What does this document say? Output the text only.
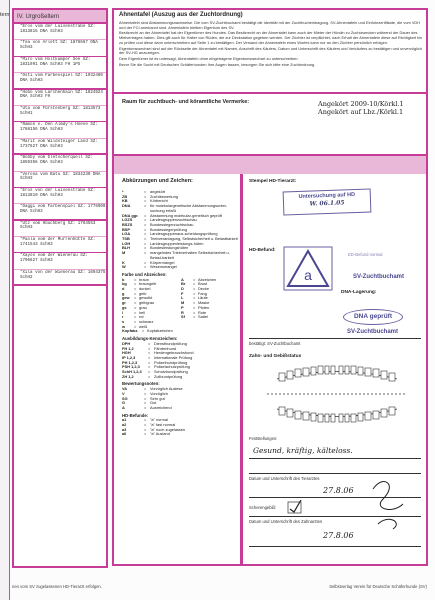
tern	IV. Urgroßeltern
*Eros vom der Luisenstraße SZ: 1813815 DNA SchH3
*Tea von Arlett SZ: 1876667 DNA SchH3
*Miro vom Holtkämper See SZ: 1831991 DNA SchH3 FH 1PS
*Osti vom Farbenspiel SZ: 1932480 DNA SchH3
*Hobo vom Lärchenhain SZ: 1824924 DNA SchH3 FH
*Uta vom Fürstenberg SZ: 1813573 SchH1
*Ramon v. Den Almdy's Hoeve SZ: 1788156 DNA SchH3
*Marit vom Wildsteiger Land SZ: 1737627 DNA SchH3
*Bobby vom Gletscherquell SZ: 1859356 DNA SchH3
*Verona vom Batu SZ: 1834230 DNA SchH3
*Eros von der Luisenstraße SZ: 1813810 DNA SchH3
*Daggi vom Farbenspiel SZ: 1776909 DNA SchH3
*Utz vom Hüuchberg SZ: 1764553 SchH3
*Paola vom der Murrenhütte SZ: 1741543 SchH3
*Xayos vom der Wienerau SZ: 1796627 SchH3
*Xila von der Wienerau SZ: 1694375 SchH2
Ahnentafel (Auszug aus der Zuchtordnung)

Ahnentafeln sind Abstammungsnachweise. Die vom SV-Zuchtbuchamt bestätigt die Identität mit der Zuchtbucheintragung. SV-Ahnentafeln und Einfuhrzertifikate, die vom VDH und der FCI anerkannt sind. Ahnentafeln bleiben Eigentum des SV.

Besitzrecht an der Ahnentafel hat der Eigentümer des Hundes. Das Besitzrecht an der Ahnentafel kann auch der Mieter der Hündin zu Zuchtzwecken während der Dauer des Mietvertrages haben. Dies gilt auch für Halter von Rüden, die zur Deckstation gegeben werden. Der Züchter ist verpflichtet, nach Erhalt der Ahnentafeln diese auf Richtigkeit hin zu prüfen und diese dann unterschrieben auf Seite 1 zu bestätigen. Der Versand der Ahnentafeln eines Wurfes kann nur an den Züchter persönlich erfolgen.

Eigentumswechsel sind auf der Rückseite der Ahnentafel mit Namen, Anschrift des Käufers, Datum und Unterschrift des Käufers und Verkäufers zu bestätigen und unverzüglich der SV-HG anzuzeigen.

Dem Eigentümer ist es untersagt, Ahnentafeln ohne eingetragene Eigentumswechsel zu unterschreiben.

Bevor Sie die Sucht mit Deutschen Schäferhunden Ihre Augen fassen, besorgen Sie sich bitte eine Zuchtordnung.

Raum für zuchtbuch- und köramtliche Vermerke:	Angekört 2009-10/Körkl.1
Angekört auf Lbz./Körkl.1
Abkürzungen und Zeichen:
*	= angekört
ZB	= Zuchtbewertung
KB	= Körbericht
DNA	= für molekulargenetische Abstammungsunter-suchung erfaßt
DNA ggr.	= Abstammung molekular-genetisch geprüft
LGZS	= Landesgruppenzuchtschau
BSZS	= Bundessiegerzuchtschau
BSP	= Bundessiegerprüfung
LGA	= Landesgruppenaus-scheidungsprüfung
TSB	= Triebveranlagung, Selbstsicherheit u. Belastbarkeit
LGH	= Landesgruppenleistungs-hüten
BLH	= Bundesleistungshüten
M	= mangelndes Triebverhalten Selbstsicherheit u. Belast-barkeit
K	= Körpermangel
W	= Wesensmangel
Farbe und Abzeichen:
b	= braun	A	= Abzeichen
bg	= braungelb	Br	= Brust
d	= dunkel	D	= Decke
g	= gelb	F	= Fang
gew	= gewolkt	L	= Läufe
gr	= gelbgrau	M	= Maske
gs	= grau	P	= Pfoten
l	= hell	R	= Rute
r	= rot	Sf	= Sattel
s	= schwarz
w	= weiß
Kopfabz. = Kopfabzeichen
Ausbildungs-Kennzeichen:
DPH	= Diensthundprüfung
FH 1,2	= Fährtenhund
HGH	= Herdengebrauchshund
IP 1,2,3	= Internationale Prüfung
PH 1,2,3	= Polizeihundprüfung
PSH 1,2,3	= Polizeischutzprüfung
SchH 1,2,3	= Schutzhundprüfung
ZH 1,2	= Zollhundprüfung
Bewertungsnoten:
VA	= Vorzüglich Auslese
V	= Vorzüglich
SG	= Sehr gut
G	= Gut
A	= Ausreichend
HD-Befunde:
a1	= "a" normal
a2	= "a" fast normal
a3	= "a" noch zugelassen
a6	= "a" Ausland
Stempel HD-Tierarzt:
Untersuchung auf HD
W. 06.1.05
HD-Befund:
a
ED-Befund normal
SV-Zuchtbuchamt
DNA-Lagerung:
DNA geprüft
SV-Zuchtbuchamt
bestätigt: SV-Zuchtbuchamt
Zahn- und Gebißstatus
Feststellungen:
Gesund, kräftig, kälteloss.
Datum und Unterschrift des Tierarztes
27.8.06
Scherengebiß:
Datum und Unterschrift des Zahnarztes
27.8.06
nen vom SV zugelassenen HD-Tierarzt erfolgen.	Selbstverlag Verein für Deutsche Schäferhunde (SV)
